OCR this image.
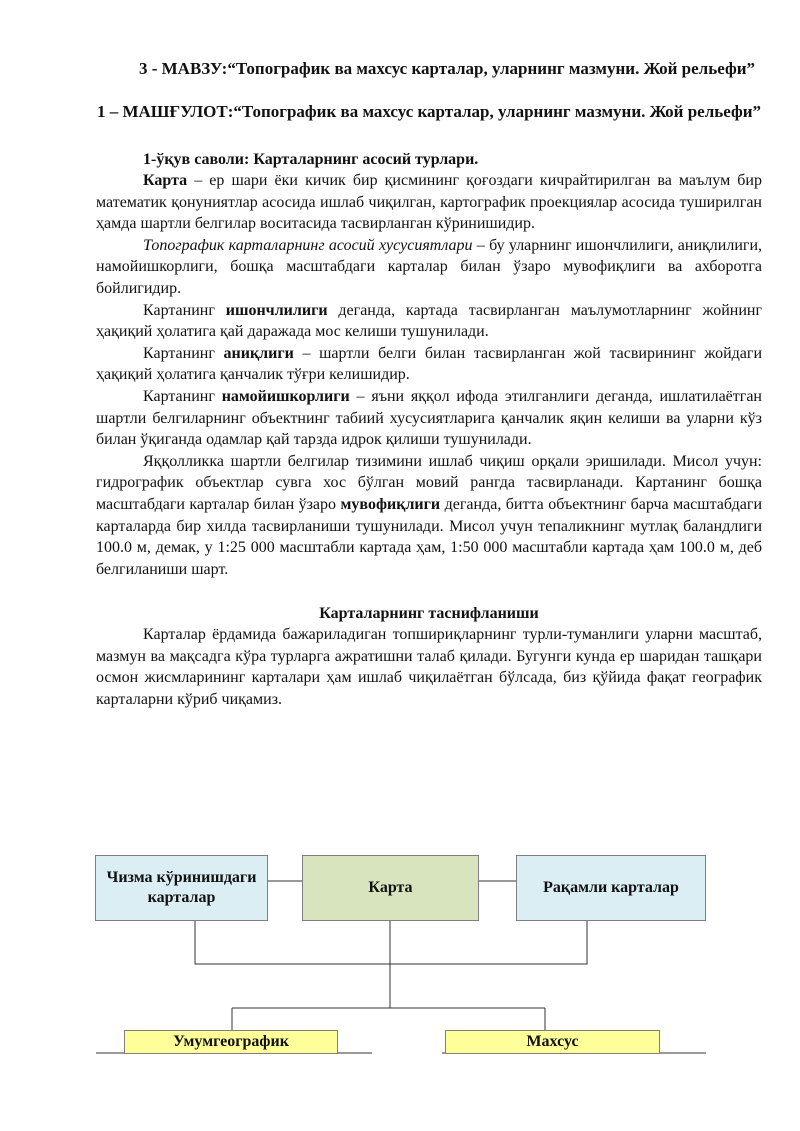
3 - МАВЗУ:“Топографик ва махсус карталар, уларнинг мазмуни. Жой рельефи”

1 – МАШҒУЛОТ:“Топографик ва махсус карталар, уларнинг мазмуни. Жой рельефи”

1-ўқув саволи: Карталарнинг асосий турлари.

Карта – ер шари ёки кичик бир қисмининг қоғоздаги кичрайтирилган ва маълум бир математик қонуниятлар асосида ишлаб чиқилган, картографик проекциялар асосида туширилган ҳамда шартли белгилар воситасида тасвирланган кўринишидир.

Топографик карталарнинг асосий хусусиятлари – бу уларнинг ишончлилиги, аниқлилиги, намойишкорлиги, бошқа масштабдаги карталар билан ўзаро мувофиқлиги ва ахборотга бойлигидир.

Картанинг ишончлилиги деганда, картада тасвирланган маълумотларнинг жойнинг ҳақиқий ҳолатига қай даражада мос келиши тушунилади.

Картанинг аниқлиги – шартли белги билан тасвирланган жой тасвирининг жойдаги ҳақиқий ҳолатига қанчалик тўғри келишидир.

Картанинг намойишкорлиги – яъни яққол ифода этилганлиги деганда, ишлатилаётган шартли белгиларнинг объектнинг табиий хусусиятларига қанчалик яқин келиши ва уларни кўз билан ўқиганда одамлар қай тарзда идрок қилиши тушунилади.

Яққолликка шартли белгилар тизимини ишлаб чиқиш орқали эришилади. Мисол учун: гидрографик объектлар сувга хос бўлган мовий рангда тасвирланади. Картанинг бошқа масштабдаги карталар билан ўзаро мувофиқлиги деганда, битта объектнинг барча масштабдаги карталарда бир хилда тасвирланиши тушунилади. Мисол учун тепаликнинг мутлақ баландлиги 100.0 м, демак, у 1:25 000 масштабли картада ҳам, 1:50 000 масштабли картада ҳам 100.0 м, деб белгиланиши шарт.

Карталарнинг таснифланиши

Карталар ёрдамида бажариладиган топшириқларнинг турли-туманлиги уларни масштаб, мазмун ва мақсадга кўра турларга ажратишни талаб қилади. Бугунги кунда ер шаридан ташқари осмон жисмларининг карталари ҳам ишлаб чиқилаётган бўлсада, биз қўйида фақат географик карталарни кўриб чиқамиз.

Чизма кўринишдаги карталар
Карта	Рақамли карталар
Умумгеографик	Махсус
